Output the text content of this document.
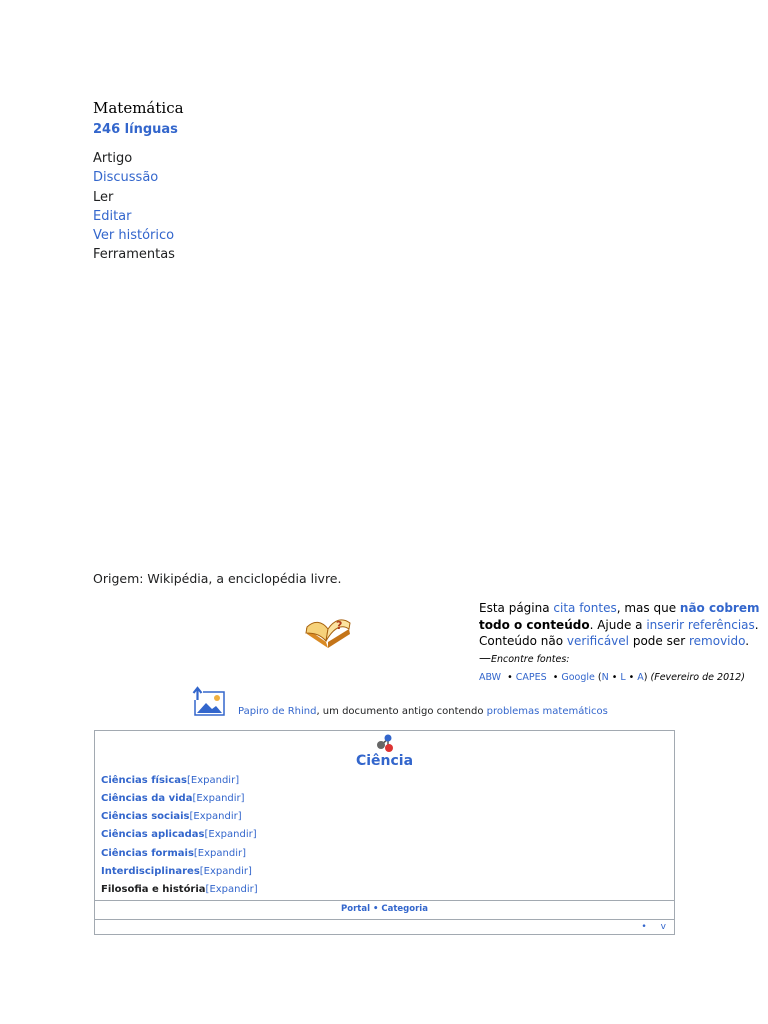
Matemática
246 línguas
Artigo
Discussão
Ler
Editar
Ver histórico
Ferramentas
Origem: Wikipédia, a enciclopédia livre.
?
Esta página cita fontes, mas que não cobrem todo o conteúdo. Ajude a inserir referências. Conteúdo não verificável pode ser removido.—Encontre fontes:
ABW  • CAPES  • Google (N • L • A) (Fevereiro de 2012)
Papiro de Rhind, um documento antigo contendo problemas matemáticos
Ciência
Ciências físicas[Expandir]
Ciências da vida[Expandir]
Ciências sociais[Expandir]
Ciências aplicadas[Expandir]
Ciências formais[Expandir]
Interdisciplinares[Expandir]
Filosofia e história[Expandir]
Portal • Categoria
• v
